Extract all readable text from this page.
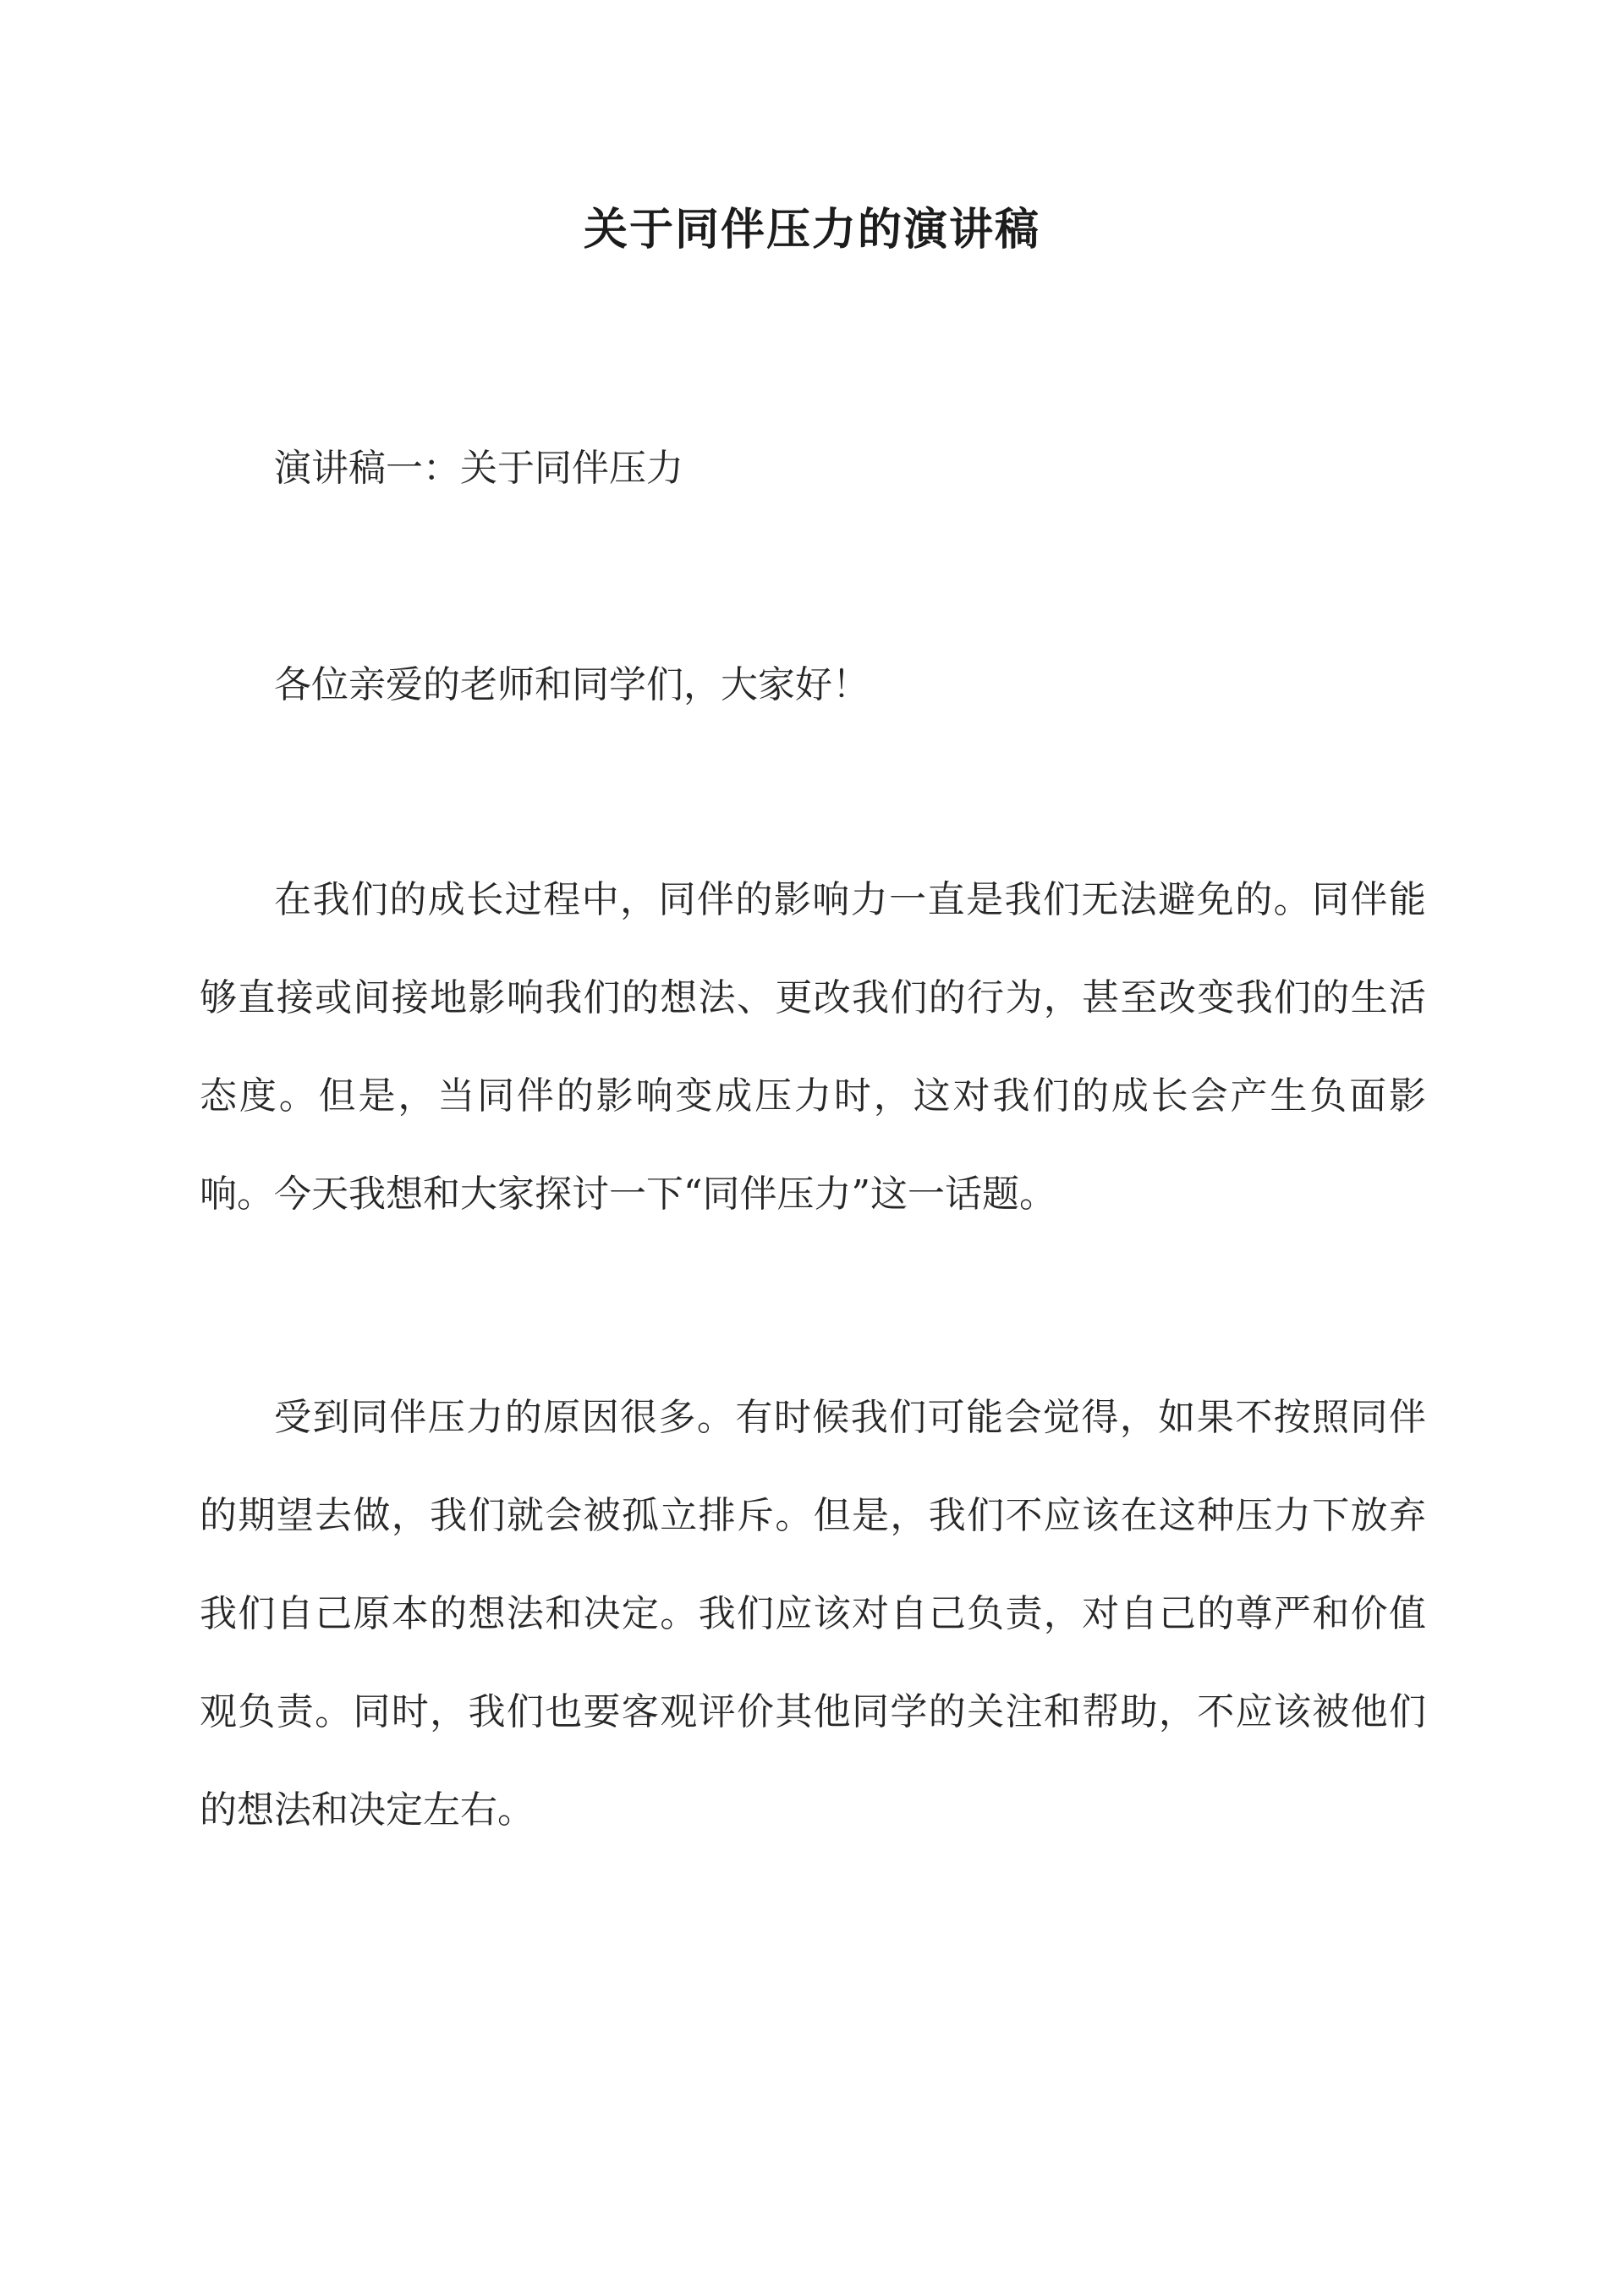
关于同伴压力的演讲稿
演讲稿一：关于同伴压力
各位亲爱的老师和同学们，大家好！
在我们的成长过程中，同伴的影响力一直是我们无法避免的。同伴能够直接或间接地影响我们的想法、更改我们的行为，甚至改变我们的生活态度。但是，当同伴的影响变成压力时，这对我们的成长会产生负面影响。今天我想和大家探讨一下“同伴压力”这一话题。
受到同伴压力的原因很多。有时候我们可能会觉得，如果不按照同伴的期望去做，我们就会被孤立排斥。但是，我们不应该在这种压力下放弃我们自己原本的想法和决定。我们应该对自己负责，对自己的尊严和价值观负责。同时，我们也要客观评价其他同学的关注和帮助，不应该被他们的想法和决定左右。
